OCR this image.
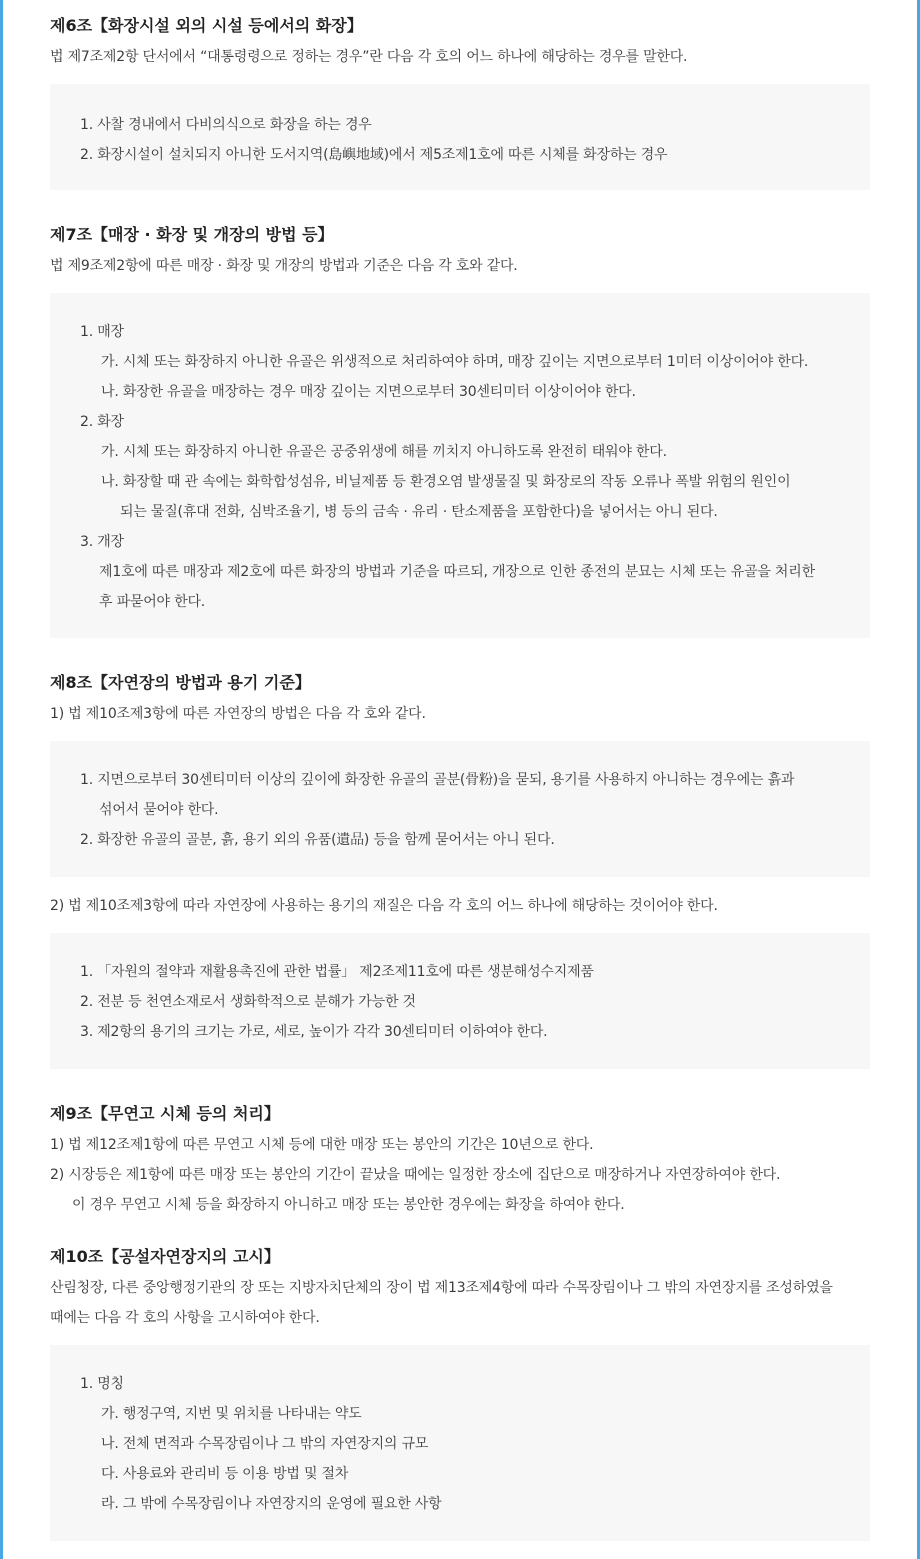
제6조【화장시설 외의 시설 등에서의 화장】
법 제7조제2항 단서에서 “대통령령으로 정하는 경우”란 다음 각 호의 어느 하나에 해당하는 경우를 말한다.
1. 사찰 경내에서 다비의식으로 화장을 하는 경우
2. 화장시설이 설치되지 아니한 도서지역(島嶼地域)에서 제5조제1호에 따른 시체를 화장하는 경우
제7조【매장 · 화장 및 개장의 방법 등】
법 제9조제2항에 따른 매장 · 화장 및 개장의 방법과 기준은 다음 각 호와 같다.
1. 매장
가. 시체 또는 화장하지 아니한 유골은 위생적으로 처리하여야 하며, 매장 깊이는 지면으로부터 1미터 이상이어야 한다.
나. 화장한 유골을 매장하는 경우 매장 깊이는 지면으로부터 30센티미터 이상이어야 한다.
2. 화장
가. 시체 또는 화장하지 아니한 유골은 공중위생에 해를 끼치지 아니하도록 완전히 태워야 한다.
나. 화장할 때 관 속에는 화학합성섬유, 비닐제품 등 환경오염 발생물질 및 화장로의 작동 오류나 폭발 위험의 원인이
되는 물질(휴대 전화, 심박조율기, 병 등의 금속 · 유리 · 탄소제품을 포함한다)을 넣어서는 아니 된다.
3. 개장
제1호에 따른 매장과 제2호에 따른 화장의 방법과 기준을 따르되, 개장으로 인한 종전의 분묘는 시체 또는 유골을 처리한
후 파묻어야 한다.
제8조【자연장의 방법과 용기 기준】
1) 법 제10조제3항에 따른 자연장의 방법은 다음 각 호와 같다.
1. 지면으로부터 30센티미터 이상의 깊이에 화장한 유골의 골분(骨粉)을 묻되, 용기를 사용하지 아니하는 경우에는 흙과
섞어서 묻어야 한다.
2. 화장한 유골의 골분, 흙, 용기 외의 유품(遺品) 등을 함께 묻어서는 아니 된다.
2) 법 제10조제3항에 따라 자연장에 사용하는 용기의 재질은 다음 각 호의 어느 하나에 해당하는 것이어야 한다.
1. 「자원의 절약과 재활용촉진에 관한 법률」 제2조제11호에 따른 생분해성수지제품
2. 전분 등 천연소재로서 생화학적으로 분해가 가능한 것
3. 제2항의 용기의 크기는 가로, 세로, 높이가 각각 30센티미터 이하여야 한다.
제9조【무연고 시체 등의 처리】
1) 법 제12조제1항에 따른 무연고 시체 등에 대한 매장 또는 봉안의 기간은 10년으로 한다.
2) 시장등은 제1항에 따른 매장 또는 봉안의 기간이 끝났을 때에는 일정한 장소에 집단으로 매장하거나 자연장하여야 한다.
이 경우 무연고 시체 등을 화장하지 아니하고 매장 또는 봉안한 경우에는 화장을 하여야 한다.
제10조【공설자연장지의 고시】
산림청장, 다른 중앙행정기관의 장 또는 지방자치단체의 장이 법 제13조제4항에 따라 수목장림이나 그 밖의 자연장지를 조성하였을
때에는 다음 각 호의 사항을 고시하여야 한다.
1. 명칭
가. 행정구역, 지번 및 위치를 나타내는 약도
나. 전체 면적과 수목장림이나 그 밖의 자연장지의 규모
다. 사용료와 관리비 등 이용 방법 및 절차
라. 그 밖에 수목장림이나 자연장지의 운영에 필요한 사항
